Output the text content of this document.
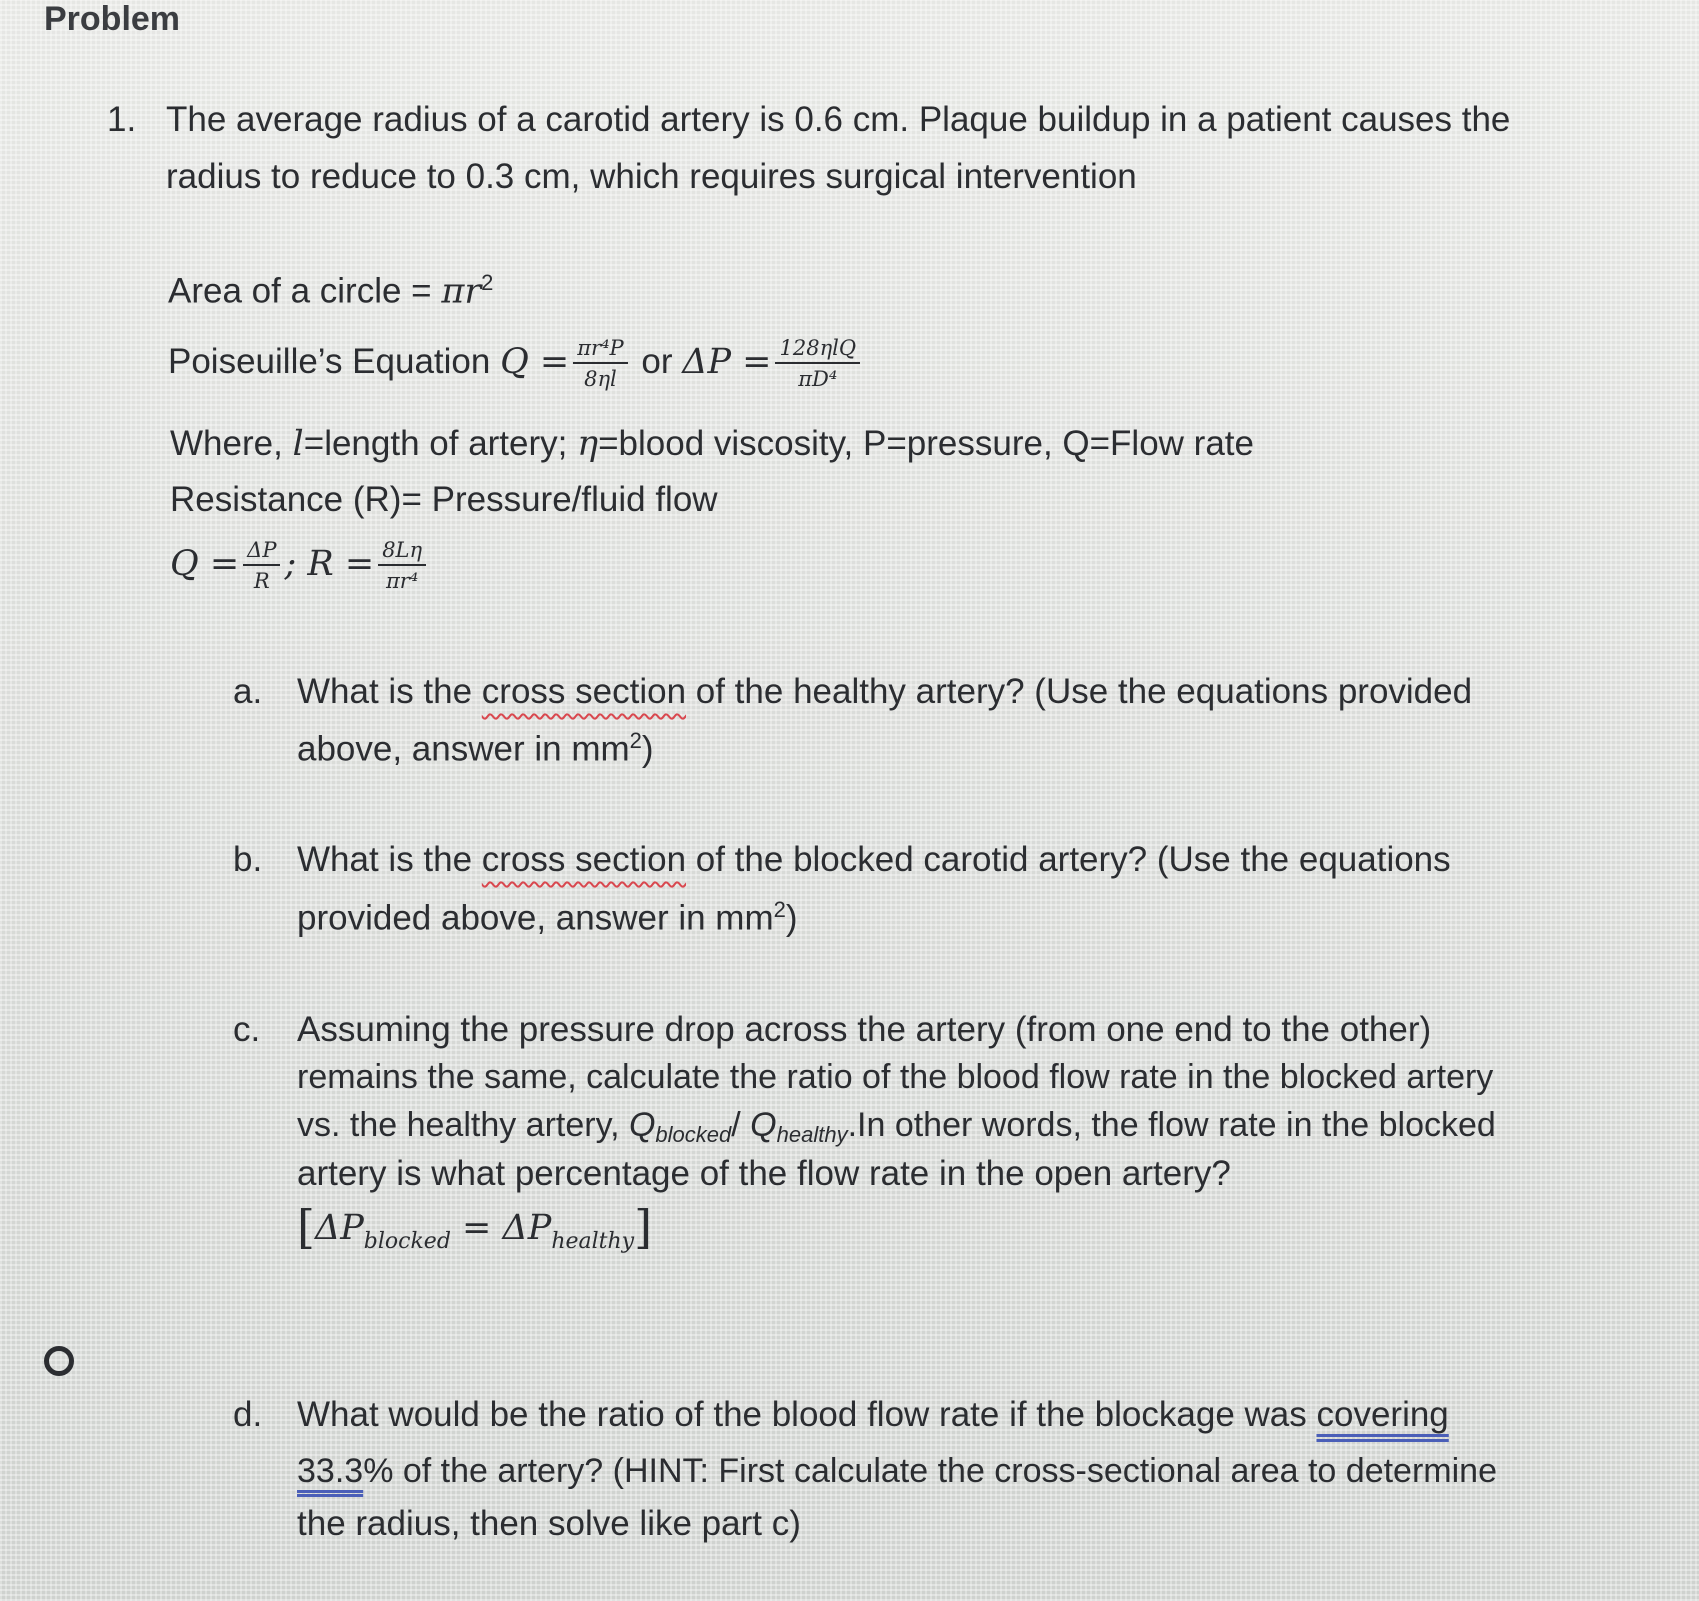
Problem
1. The average radius of a carotid artery is 0.6 cm. Plaque buildup in a patient causes the
radius to reduce to 0.3 cm, which requires surgical intervention
Area of a circle = $\pi r^2$
Poiseuille’s Equation $Q = \frac{\text{πr⁴P}}{8\eta l}$ or $\Delta P = \frac{\text{128ηlQ}}{\text{πD⁴}}$
Where, l=length of artery; η=blood viscosity, P=pressure, Q=Flow rate
Resistance (R)= Pressure/fluid flow
$Q = \frac{\Delta P}{R}$ ; $R = \frac{8L\eta}{\text{πr⁴}}$
a. What is the cross section of the healthy artery? (Use the equations provided
above, answer in $mm^2$)
b. What is the cross section of the blocked carotid artery? (Use the equations
provided above, answer in $mm^2$)
c. Assuming the pressure drop across the artery (from one end to the other)
remains the same, calculate the ratio of the blood flow rate in the blocked artery
vs. the healthy artery, Qblocked/ Qhealthy.In other words, the flow rate in the blocked
artery is what percentage of the flow rate in the open artery?
$[\Delta P_{blocked} = \Delta P_{healthy}]$
d. What would be the ratio of the blood flow rate if the blockage was covering
33.3% of the artery? (HINT: First calculate the cross-sectional area to determine
the radius, then solve like part c)
